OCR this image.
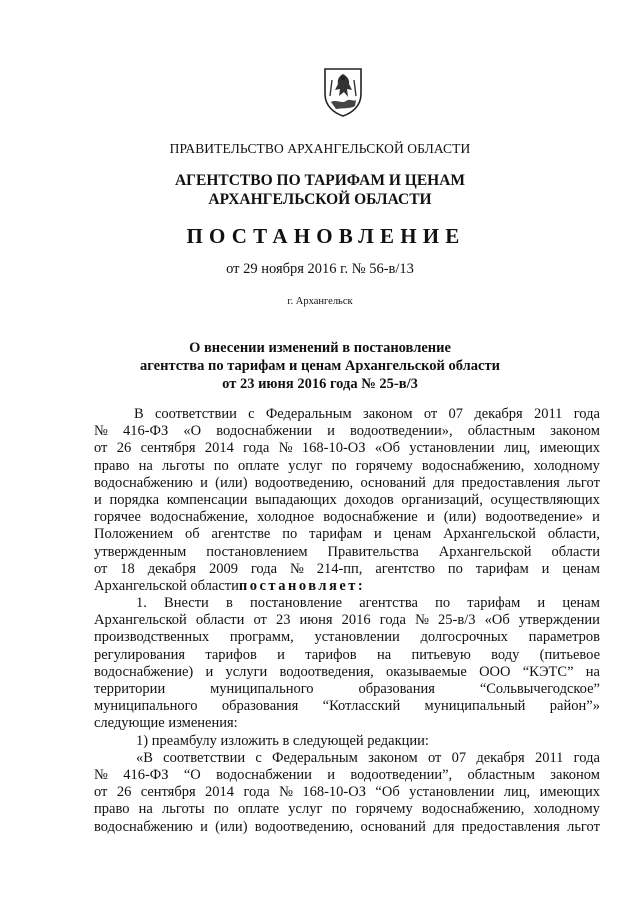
ПРАВИТЕЛЬСТВО АРХАНГЕЛЬСКОЙ ОБЛАСТИ
АГЕНТСТВО ПО ТАРИФАМ И ЦЕНАМ
АРХАНГЕЛЬСКОЙ ОБЛАСТИ
ПОСТАНОВЛЕНИЕ
от 29 ноября 2016 г. № 56-в/13
г. Архангельск
О внесении изменений в постановление
агентства по тарифам и ценам Архангельской области
от 23 июня 2016 года № 25-в/3
В соответствии с Федеральным законом от 07 декабря 2011 года
№ 416-ФЗ «О водоснабжении и водоотведении», областным законом
от 26 сентября 2014 года № 168-10-ОЗ «Об установлении лиц, имеющих
право на льготы по оплате услуг по горячему водоснабжению, холодному
водоснабжению и (или) водоотведению, оснований для предоставления льгот
и порядка компенсации выпадающих доходов организаций, осуществляющих
горячее водоснабжение, холодное водоснабжение и (или) водоотведение» и
Положением об агентстве по тарифам и ценам Архангельской области,
утвержденным постановлением Правительства Архангельской области
от 18 декабря 2009 года № 214-пп, агентство по тарифам и ценам
Архангельской областипостановляет:
1. Внести в постановление агентства по тарифам и ценам
Архангельской области от 23 июня 2016 года № 25-в/3 «Об утверждении
производственных программ, установлении долгосрочных параметров
регулирования тарифов и тарифов на питьевую воду (питьевое
водоснабжение) и услуги водоотведения, оказываемые ООО “КЭТС” на
территории	муниципального	образования	“Сольвычегодское”
муниципального образования “Котласский муниципальный район”»
следующие изменения:
1) преамбулу изложить в следующей редакции:
«В соответствии с Федеральным законом от 07 декабря 2011 года
№ 416-ФЗ “О водоснабжении и водоотведении”, областным законом
от 26 сентября 2014 года № 168-10-ОЗ “Об установлении лиц, имеющих
право на льготы по оплате услуг по горячему водоснабжению, холодному
водоснабжению и (или) водоотведению, оснований для предоставления льгот
